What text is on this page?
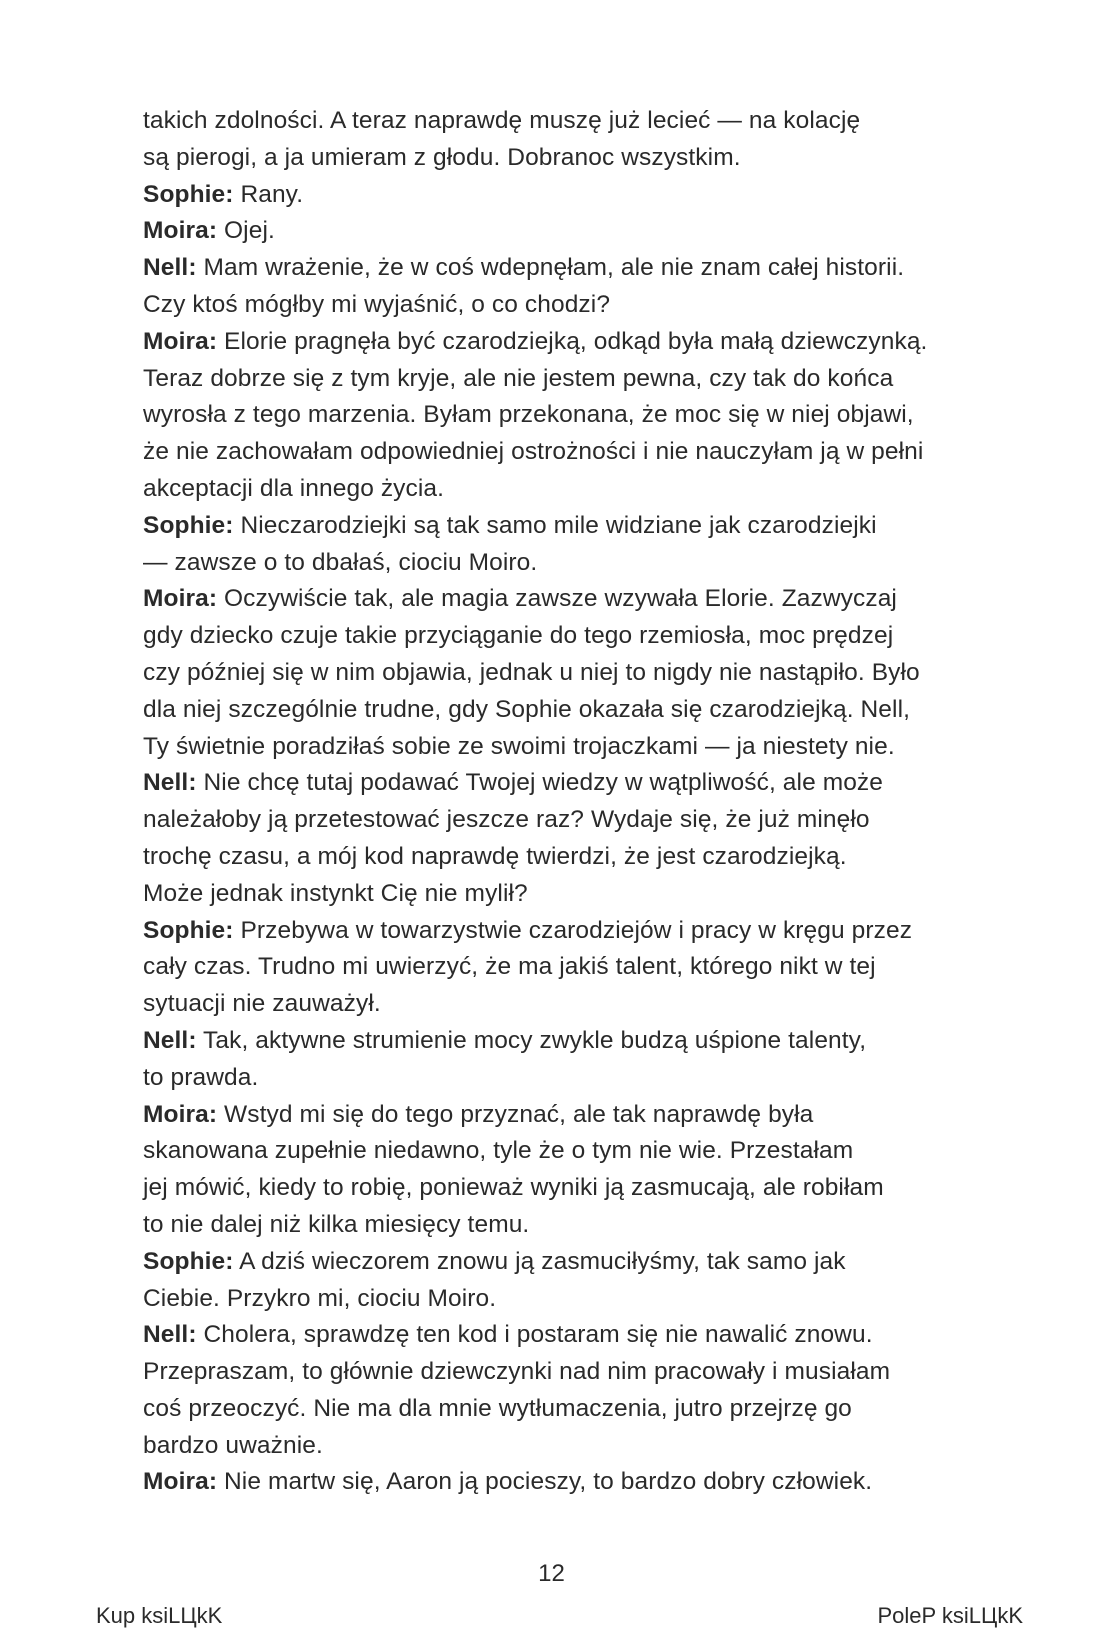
takich zdolności. A teraz naprawdę muszę już lecieć — na kolację
są pierogi, a ja umieram z głodu. Dobranoc wszystkim.
Sophie: Rany.
Moira: Ojej.
Nell: Mam wrażenie, że w coś wdepnęłam, ale nie znam całej historii.
Czy ktoś mógłby mi wyjaśnić, o co chodzi?
Moira: Elorie pragnęła być czarodziejką, odkąd była małą dziewczynką.
Teraz dobrze się z tym kryje, ale nie jestem pewna, czy tak do końca
wyrosła z tego marzenia. Byłam przekonana, że moc się w niej objawi,
że nie zachowałam odpowiedniej ostrożności i nie nauczyłam ją w pełni
akceptacji dla innego życia.
Sophie: Nieczarodziejki są tak samo mile widziane jak czarodziejki
— zawsze o to dbałaś, ciociu Moiro.
Moira: Oczywiście tak, ale magia zawsze wzywała Elorie. Zazwyczaj
gdy dziecko czuje takie przyciąganie do tego rzemiosła, moc prędzej
czy później się w nim objawia, jednak u niej to nigdy nie nastąpiło. Było
dla niej szczególnie trudne, gdy Sophie okazała się czarodziejką. Nell,
Ty świetnie poradziłaś sobie ze swoimi trojaczkami — ja niestety nie.
Nell: Nie chcę tutaj podawać Twojej wiedzy w wątpliwość, ale może
należałoby ją przetestować jeszcze raz? Wydaje się, że już minęło
trochę czasu, a mój kod naprawdę twierdzi, że jest czarodziejką.
Może jednak instynkt Cię nie mylił?
Sophie: Przebywa w towarzystwie czarodziejów i pracy w kręgu przez
cały czas. Trudno mi uwierzyć, że ma jakiś talent, którego nikt w tej
sytuacji nie zauważył.
Nell: Tak, aktywne strumienie mocy zwykle budzą uśpione talenty,
to prawda.
Moira: Wstyd mi się do tego przyznać, ale tak naprawdę była
skanowana zupełnie niedawno, tyle że o tym nie wie. Przestałam
jej mówić, kiedy to robię, ponieważ wyniki ją zasmucają, ale robiłam
to nie dalej niż kilka miesięcy temu.
Sophie: A dziś wieczorem znowu ją zasmuciłyśmy, tak samo jak
Ciebie. Przykro mi, ciociu Moiro.
Nell: Cholera, sprawdzę ten kod i postaram się nie nawalić znowu.
Przepraszam, to głównie dziewczynki nad nim pracowały i musiałam
coś przeoczyć. Nie ma dla mnie wytłumaczenia, jutro przejrzę go
bardzo uważnie.
Moira: Nie martw się, Aaron ją pocieszy, to bardzo dobry człowiek.
12
Kup ksiLЦkK	PoleP ksiLЦkK
